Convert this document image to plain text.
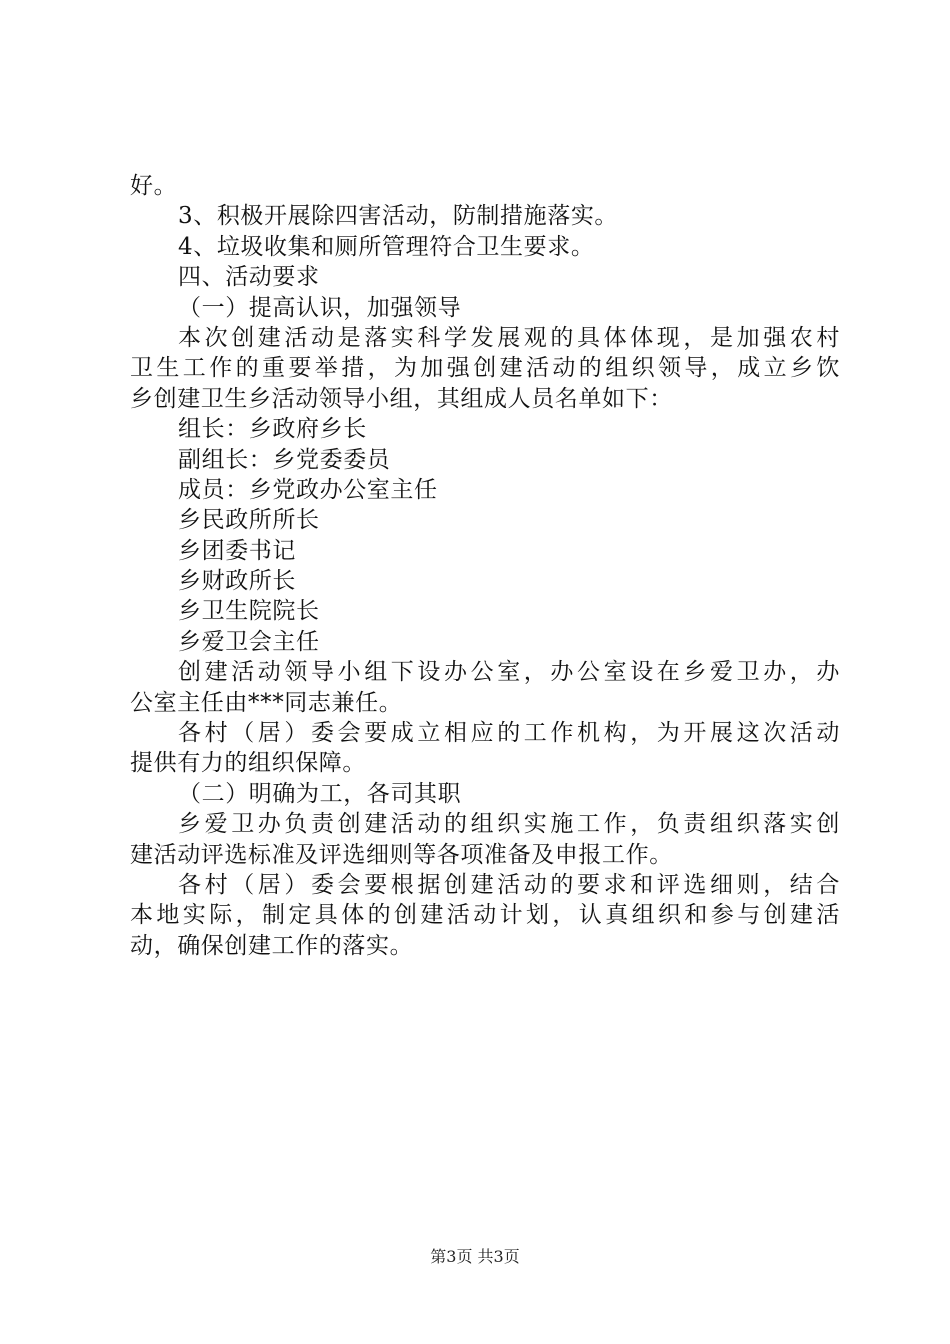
好。
3、积极开展除四害活动，防制措施落实。
4、垃圾收集和厕所管理符合卫生要求。
四、活动要求
（一）提高认识，加强领导
本次创建活动是落实科学发展观的具体体现，是加强农村
卫生工作的重要举措，为加强创建活动的组织领导，成立乡饮
乡创建卫生乡活动领导小组，其组成人员名单如下：
组长：乡政府乡长
副组长：乡党委委员
成员：乡党政办公室主任
乡民政所所长
乡团委书记
乡财政所长
乡卫生院院长
乡爱卫会主任
创建活动领导小组下设办公室，办公室设在乡爱卫办，办
公室主任由***同志兼任。
各村（居）委会要成立相应的工作机构，为开展这次活动
提供有力的组织保障。
（二）明确为工，各司其职
乡爱卫办负责创建活动的组织实施工作，负责组织落实创
建活动评选标准及评选细则等各项准备及申报工作。
各村（居）委会要根据创建活动的要求和评选细则，结合
本地实际，制定具体的创建活动计划，认真组织和参与创建活
动，确保创建工作的落实。
第3页 共3页
